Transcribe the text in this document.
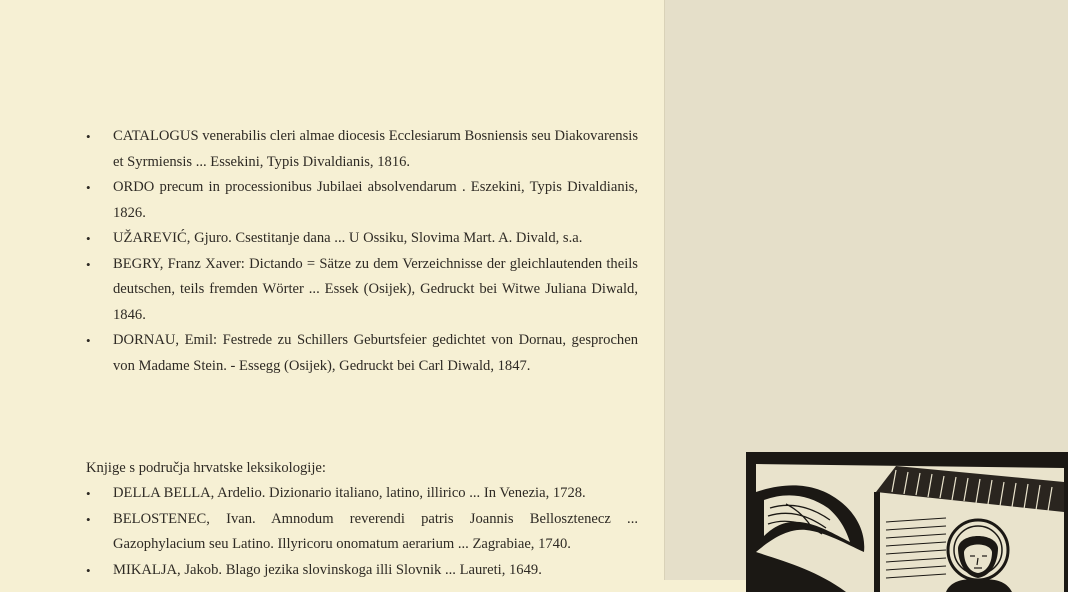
• CATALOGUS venerabilis cleri almae diocesis Ecclesiarum Bosniensis seu Diakovarensis et Syrmiensis ... Essekini, Typis Divaldianis, 1816.
• ORDO precum in processionibus Jubilaei absolvendarum . Eszekini, Typis Divaldianis, 1826.
• UŽAREVIĆ, Gjuro. Csestitanje dana ... U Ossiku, Slovima Mart. A. Divald, s.a.
• BEGRY, Franz Xaver: Dictando = Sätze zu dem Verzeichnisse der gleichlautenden theils deutschen, teils fremden Wörter ... Essek (Osijek), Gedruckt bei Witwe Juliana Diwald, 1846.
• DORNAU, Emil: Festrede zu Schillers Geburtsfeier gedichtet von Dornau, gesprochen von Madame Stein. - Essegg (Osijek), Gedruckt bei Carl Diwald, 1847.
Knjige s područja hrvatske leksikologije:
• DELLA BELLA, Ardelio. Dizionario italiano, latino, illirico ... In Venezia, 1728.
• BELOSTENEC, Ivan. Amnodum reverendi patris Joannis Bellosztenecz ... Gazophylacium seu Latino. Illyricoru onomatum aerarium ... Zagrabiae, 1740.
• MIKALJA, Jakob. Blago jezika slovinskoga illi Slovnik ... Laureti, 1649.
